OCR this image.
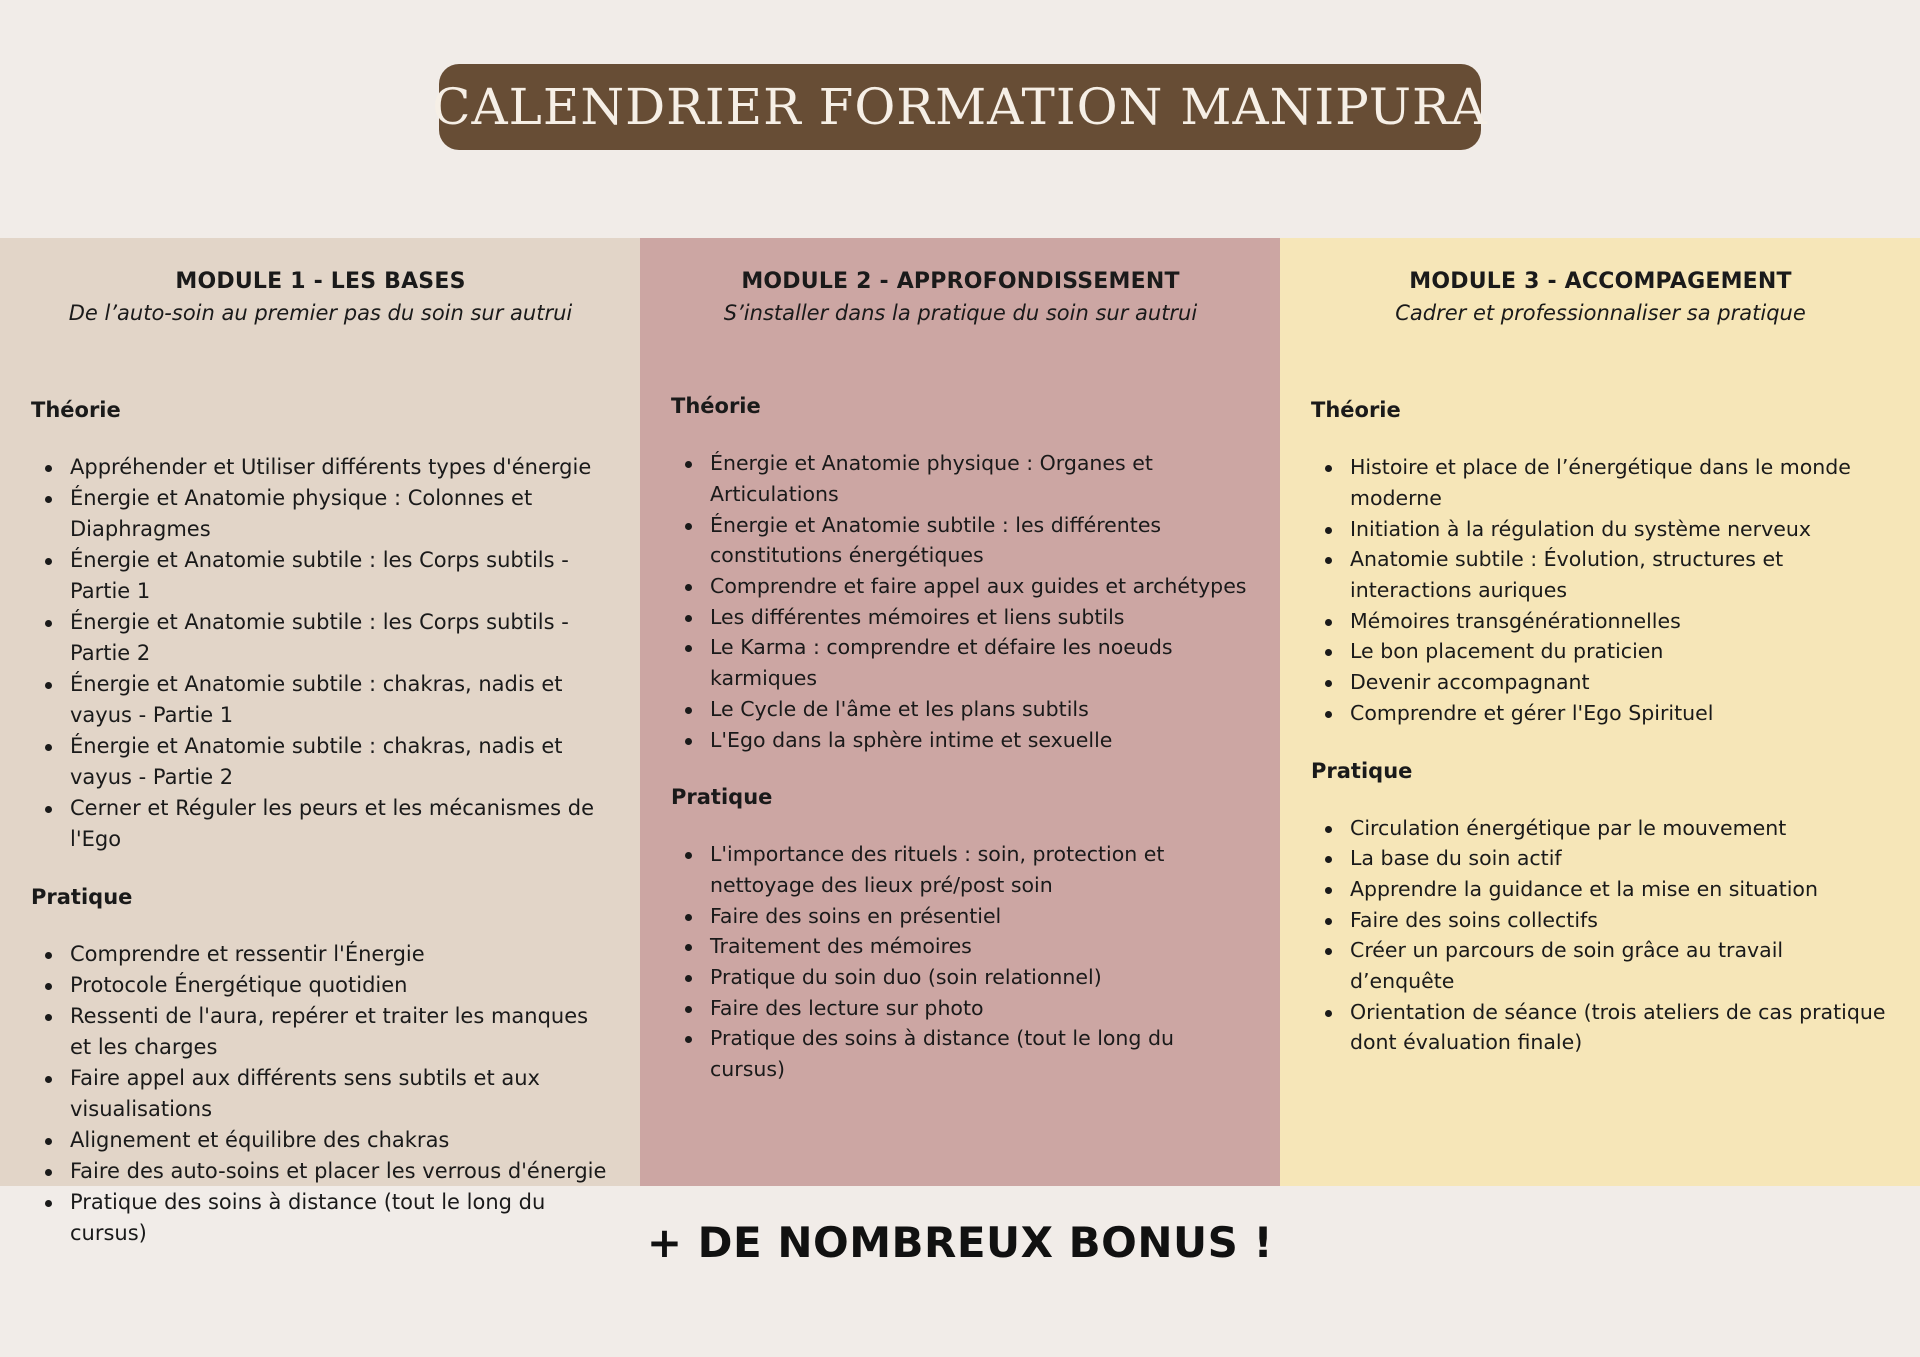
CALENDRIER FORMATION MANIPURA
MODULE 1 - LES BASES
De l’auto-soin au premier pas du soin sur autrui
Théorie
Appréhender et Utiliser différents types d'énergie
Énergie et Anatomie physique : Colonnes et Diaphragmes
Énergie et Anatomie subtile : les Corps subtils - Partie 1
Énergie et Anatomie subtile : les Corps subtils - Partie 2
Énergie et Anatomie subtile : chakras, nadis et vayus - Partie 1
Énergie et Anatomie subtile : chakras, nadis et vayus - Partie 2
Cerner et Réguler les peurs et les mécanismes de l'Ego
Pratique
Comprendre et ressentir l'Énergie
Protocole Énergétique quotidien
Ressenti de l'aura, repérer et traiter les manques et les charges
Faire appel aux différents sens subtils et aux visualisations
Alignement et équilibre des chakras
Faire des auto-soins et placer les verrous d'énergie
Pratique des soins à distance (tout le long du cursus)
MODULE 2 - APPROFONDISSEMENT
S’installer dans la pratique du soin sur autrui
Théorie
Énergie et Anatomie physique : Organes et Articulations
Énergie et Anatomie subtile : les différentes constitutions énergétiques
Comprendre et faire appel aux guides et archétypes
Les différentes mémoires et liens subtils
Le Karma : comprendre et défaire les noeuds karmiques
Le Cycle de l'âme et les plans subtils
L'Ego dans la sphère intime et sexuelle
Pratique
L'importance des rituels : soin, protection et nettoyage des lieux pré/post soin
Faire des soins en présentiel
Traitement des mémoires
Pratique du soin duo (soin relationnel)
Faire des lecture sur photo
Pratique des soins à distance (tout le long du cursus)
MODULE 3 - ACCOMPAGEMENT
Cadrer et professionnaliser sa pratique
Théorie
Histoire et place de l’énergétique dans le monde moderne
Initiation à la régulation du système nerveux
Anatomie subtile : Évolution, structures et interactions auriques
Mémoires transgénérationnelles
Le bon placement du praticien
Devenir accompagnant
Comprendre et gérer l'Ego Spirituel
Pratique
Circulation énergétique par le mouvement
La base du soin actif
Apprendre la guidance et la mise en situation
Faire des soins collectifs
Créer un parcours de soin grâce au travail d’enquête
Orientation de séance (trois ateliers de cas pratique dont évaluation finale)
+ DE NOMBREUX BONUS !
